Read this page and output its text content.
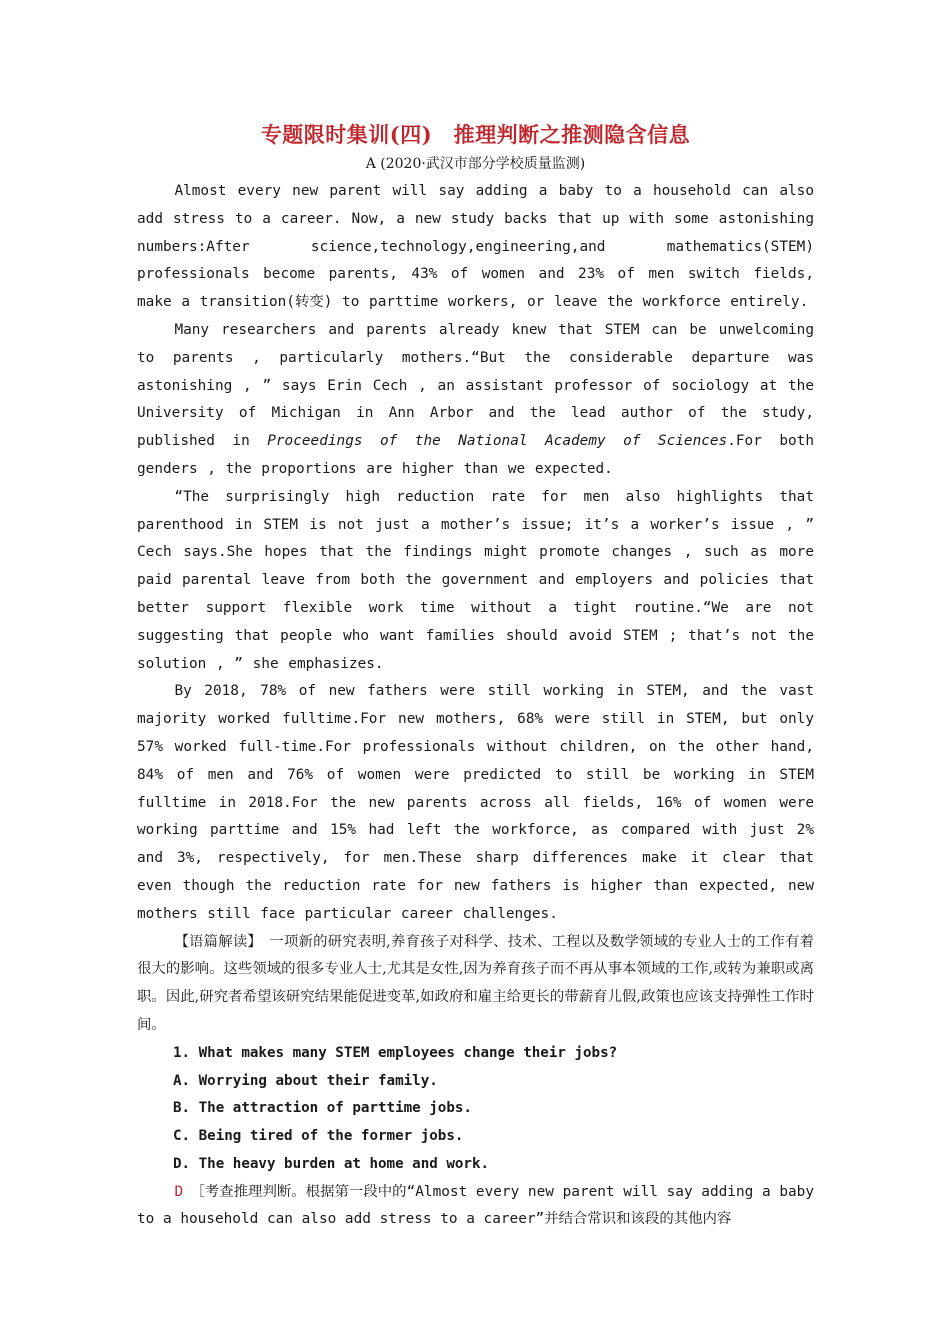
专题限时集训(四)　推理判断之推测隐含信息

A (2020·武汉市部分学校质量监测)

Almost every new parent will say adding a baby to a household can also add stress to a career. Now, a new study backs that up with some astonishing numbers:After science,technology,engineering,and mathematics(STEM) professionals become parents, 43% of women and 23% of men switch fields, make a transition(转变) to parttime workers, or leave the workforce entirely.

Many researchers and parents already knew that STEM can be unwelcoming to parents , particularly mothers.“But the considerable departure was astonishing , ” says Erin Cech , an assistant professor of sociology at the University of Michigan in Ann Arbor and the lead author of the study, published in Proceedings of the National Academy of Sciences.For both genders , the proportions are higher than we expected.

“The surprisingly high reduction rate for men also highlights that parenthood in STEM is not just a mother’s issue; it’s a worker’s issue , ” Cech says.She hopes that the findings might promote changes , such as more paid parental leave from both the government and employers and policies that better support flexible work time without a tight routine.“We are not suggesting that people who want families should avoid STEM ; that’s not the solution , ” she emphasizes.

By 2018, 78% of new fathers were still working in STEM, and the vast majority worked fulltime.For new mothers, 68% were still in STEM, but only 57% worked full-time.For professionals without children, on the other hand, 84% of men and 76% of women were predicted to still be working in STEM fulltime in 2018.For the new parents across all fields, 16% of women were working parttime and 15% had left the workforce, as compared with just 2% and 3%, respectively, for men.These sharp differences make it clear that even though the reduction rate for new fathers is higher than expected, new mothers still face particular career challenges.

【语篇解读】　一项新的研究表明,养育孩子对科学、技术、工程以及数学领域的专业人士的工作有着很大的影响。这些领域的很多专业人士,尤其是女性,因为养育孩子而不再从事本领域的工作,或转为兼职或离职。因此,研究者希望该研究结果能促进变革,如政府和雇主给更长的带薪育儿假,政策也应该支持弹性工作时间。

1. What makes many STEM employees change their jobs?

A. Worrying about their family.

B. The attraction of parttime jobs.

C. Being tired of the former jobs.

D. The heavy burden at home and work.

D　 ［考查推理判断。根据第一段中的“Almost every new parent will say adding a baby to a household can also add stress to a career”并结合常识和该段的其他内容
